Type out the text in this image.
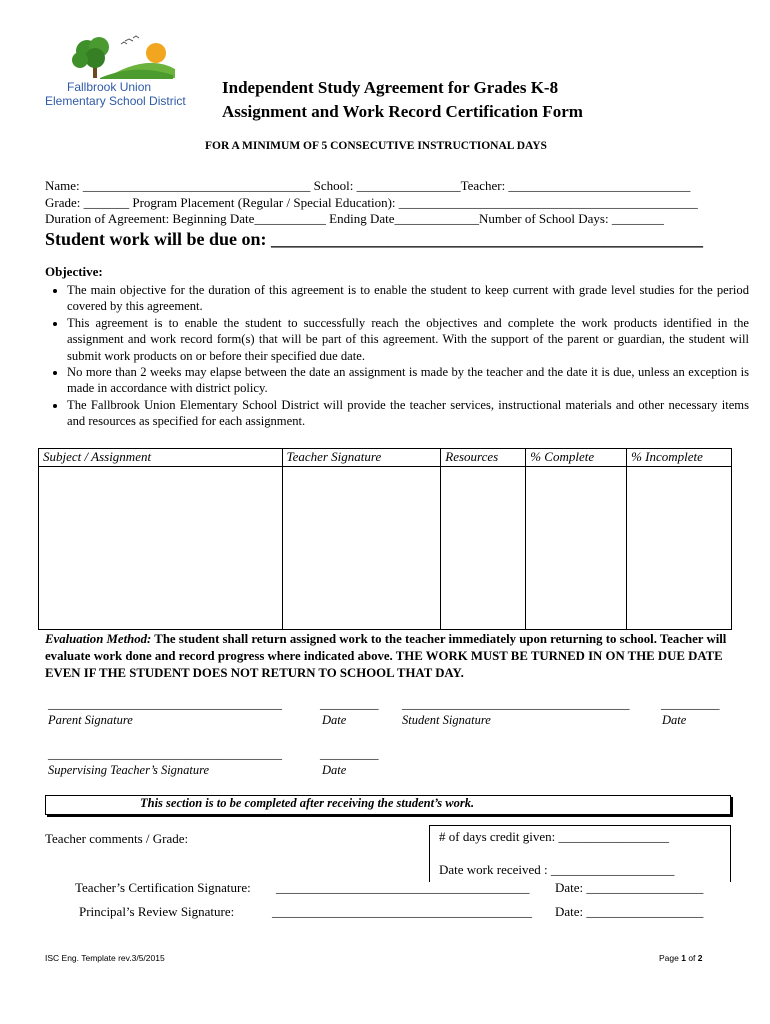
Fallbrook Union
Elementary School District
Independent Study Agreement for Grades K-8
Assignment and Work Record Certification Form
FOR A MINIMUM OF 5 CONSECUTIVE INSTRUCTIONAL DAYS
Name: ___________________________________ School: ________________Teacher: ____________________________
Grade: _______ Program Placement (Regular / Special Education): ______________________________________________
Duration of Agreement: Beginning Date___________ Ending Date_____________Number of School Days: ________
Student work will be due on: ________________________________________________
Objective:
• The main objective for the duration of this agreement is to enable the student to keep current with grade level studies for the period covered by this agreement.
• This agreement is to enable the student to successfully reach the objectives and complete the work products identified in the assignment and work record form(s) that will be part of this agreement. With the support of the parent or guardian, the student will submit work products on or before their specified due date.
• No more than 2 weeks may elapse between the date an assignment is made by the teacher and the date it is due, unless an exception is made in accordance with district policy.
• The Fallbrook Union Elementary School District will provide the teacher services, instructional materials and other necessary items and resources as specified for each assignment.
Subject / Assignment	Teacher Signature	Resources	% Complete	% Incomplete

Evaluation Method: The student shall return assigned work to the teacher immediately upon returning to school. Teacher will evaluate work done and record progress where indicated above. THE WORK MUST BE TURNED IN ON THE DUE DATE EVEN IF THE STUDENT DOES NOT RETURN TO SCHOOL THAT DAY.
____________________________________
Parent Signature
_________
Date
___________________________________
Student Signature
_________
Date
____________________________________
Supervising Teacher’s Signature
_________
Date
This section is to be completed after receiving the student’s work.
Teacher comments / Grade:	# of days credit given: _________________
Date work received : ___________________
Teacher’s Certification Signature: _______________________________________ Date: __________________
Principal’s Review Signature:	________________________________________ Date: __________________
ISC Eng. Template rev.3/5/2015	Page 1 of 2
